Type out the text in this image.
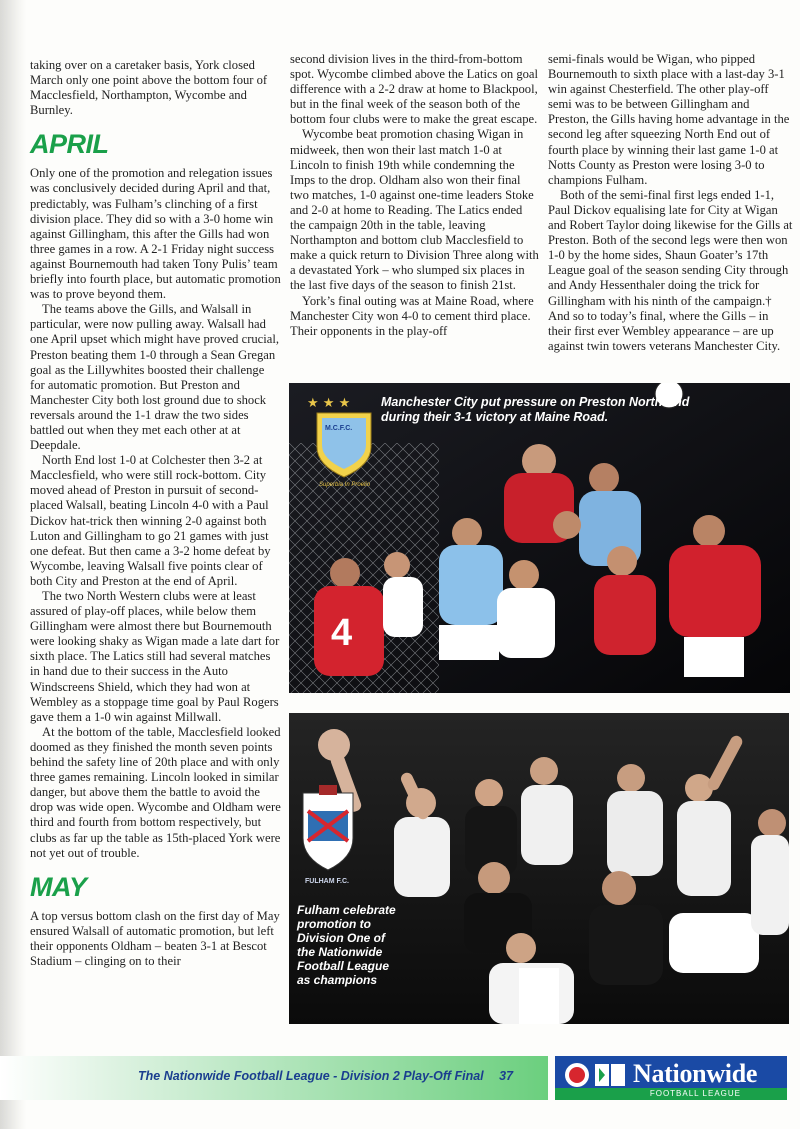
taking over on a caretaker basis, York closed March only one point above the bottom four of Macclesfield, Northampton, Wycombe and Burnley.

APRIL

Only one of the promotion and relegation issues was conclusively decided during April and that, predictably, was Fulham’s clinching of a first division place. They did so with a 3-0 home win against Gillingham, this after the Gills had won three games in a row. A 2-1 Friday night success against Bournemouth had taken Tony Pulis’ team briefly into fourth place, but automatic promotion was to prove beyond them.

The teams above the Gills, and Walsall in particular, were now pulling away. Walsall had one April upset which might have proved crucial, Preston beating them 1-0 through a Sean Gregan goal as the Lillywhites boosted their challenge for automatic promotion. But Preston and Manchester City both lost ground due to shock reversals around the 1-1 draw the two sides battled out when they met each other at at Deepdale.

North End lost 1-0 at Colchester then 3-2 at Macclesfield, who were still rock-bottom. City moved ahead of Preston in pursuit of second-placed Walsall, beating Lincoln 4-0 with a Paul Dickov hat-trick then winning 2-0 against both Luton and Gillingham to go 21 games with just one defeat. But then came a 3-2 home defeat by Wycombe, leaving Walsall five points clear of both City and Preston at the end of April.

The two North Western clubs were at least assured of play-off places, while below them Gillingham were almost there but Bournemouth were looking shaky as Wigan made a late dart for sixth place. The Latics still had several matches in hand due to their success in the Auto Windscreens Shield, which they had won at Wembley as a stoppage time goal by Paul Rogers gave them a 1-0 win against Millwall.

At the bottom of the table, Macclesfield looked doomed as they finished the month seven points behind the safety line of 20th place and with only three games remaining. Lincoln looked in similar danger, but above them the battle to avoid the drop was wide open. Wycombe and Oldham were third and fourth from bottom respectively, but clubs as far up the table as 15th-placed York were not yet out of trouble.

MAY

A top versus bottom clash on the first day of May ensured Walsall of automatic promotion, but left their opponents Oldham – beaten 3-1 at Bescot Stadium – clinging on to their

second division lives in the third-from-bottom spot. Wycombe climbed above the Latics on goal difference with a 2-2 draw at home to Blackpool, but in the final week of the season both of the bottom four clubs were to make the great escape.

Wycombe beat promotion chasing Wigan in midweek, then won their last match 1-0 at Lincoln to finish 19th while condemning the Imps to the drop. Oldham also won their final two matches, 1-0 against one-time leaders Stoke and 2-0 at home to Reading. The Latics ended the campaign 20th in the table, leaving Northampton and bottom club Macclesfield to make a quick return to Division Three along with a devastated York – who slumped six places in the last five days of the season to finish 21st.

York’s final outing was at Maine Road, where Manchester City won 4-0 to cement third place. Their opponents in the play-off

semi-finals would be Wigan, who pipped Bournemouth to sixth place with a last-day 3-1 win against Chesterfield. The other play-off semi was to be between Gillingham and Preston, the Gills having home advantage in the second leg after squeezing North End out of fourth place by winning their last game 1-0 at Notts County as Preston were losing 3-0 to champions Fulham.

Both of the semi-final first legs ended 1-1, Paul Dickov equalising late for City at Wigan and Robert Taylor doing likewise for the Gills at Preston. Both of the second legs were then won 1-0 by the home sides, Shaun Goater’s 17th League goal of the season sending City through and Andy Hessenthaler doing the trick for Gillingham with his ninth of the campaign.† And so to today’s final, where the Gills – in their first ever Wembley appearance – are up against twin towers veterans Manchester City.

4
★ ★ ★
M.C.F.C.
Superbia In Proelio
Manchester City put pressure on Preston North End
during their 3-1 victory at Maine Road.
FULHAM F.C.
Fulham celebrate promotion to Division One of the Nationwide Football League as champions
The Nationwide Football League - Division 2 Play-Off Final 37	Nationwide
FOOTBALL LEAGUE
